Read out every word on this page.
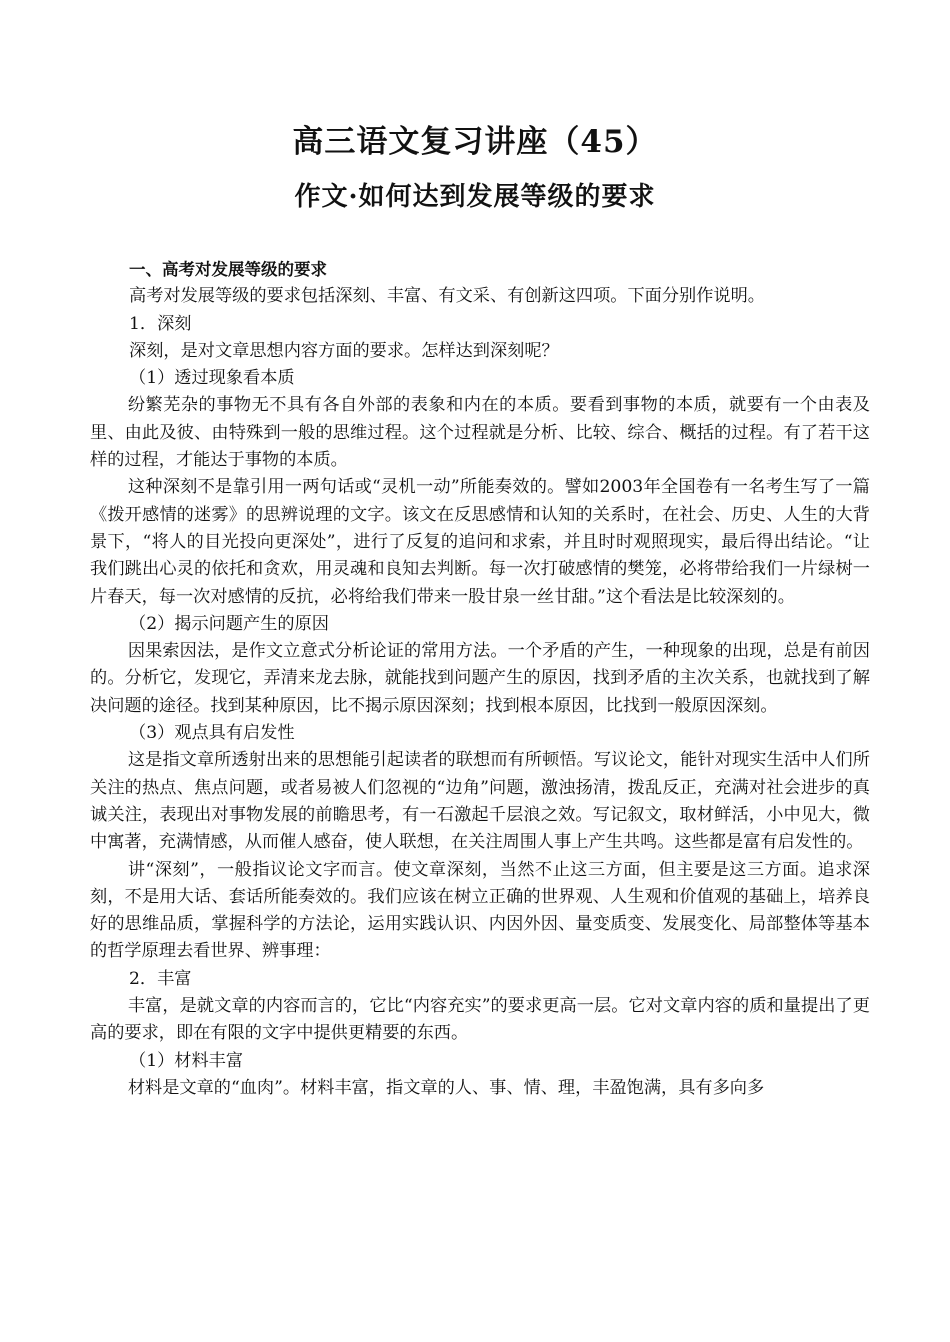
高三语文复习讲座（45）
作文·如何达到发展等级的要求

一、高考对发展等级的要求

高考对发展等级的要求包括深刻、丰富、有文采、有创新这四项。下面分别作说明。

1．深刻

深刻，是对文章思想内容方面的要求。怎样达到深刻呢？

（1）透过现象看本质

纷繁芜杂的事物无不具有各自外部的表象和内在的本质。要看到事物的本质，就要有一个由表及里、由此及彼、由特殊到一般的思维过程。这个过程就是分析、比较、综合、概括的过程。有了若干这样的过程，才能达于事物的本质。

这种深刻不是靠引用一两句话或“灵机一动”所能奏效的。譬如2003年全国卷有一名考生写了一篇《拨开感情的迷雾》的思辨说理的文字。该文在反思感情和认知的关系时，在社会、历史、人生的大背景下，“将人的目光投向更深处”，进行了反复的追问和求索，并且时时观照现实，最后得出结论。“让我们跳出心灵的依托和贪欢，用灵魂和良知去判断。每一次打破感情的樊笼，必将带给我们一片绿树一片春天，每一次对感情的反抗，必将给我们带来一股甘泉一丝甘甜。”这个看法是比较深刻的。

（2）揭示问题产生的原因

因果索因法，是作文立意式分析论证的常用方法。一个矛盾的产生，一种现象的出现，总是有前因的。分析它，发现它，弄清来龙去脉，就能找到问题产生的原因，找到矛盾的主次关系，也就找到了解决问题的途径。找到某种原因，比不揭示原因深刻；找到根本原因，比找到一般原因深刻。

（3）观点具有启发性

这是指文章所透射出来的思想能引起读者的联想而有所顿悟。写议论文，能针对现实生活中人们所关注的热点、焦点问题，或者易被人们忽视的“边角”问题，激浊扬清，拨乱反正，充满对社会进步的真诚关注，表现出对事物发展的前瞻思考，有一石激起千层浪之效。写记叙文，取材鲜活，小中见大，微中寓著，充满情感，从而催人感奋，使人联想，在关注周围人事上产生共鸣。这些都是富有启发性的。

讲“深刻”，一般指议论文字而言。使文章深刻，当然不止这三方面，但主要是这三方面。追求深刻，不是用大话、套话所能奏效的。我们应该在树立正确的世界观、人生观和价值观的基础上，培养良好的思维品质，掌握科学的方法论，运用实践认识、内因外因、量变质变、发展变化、局部整体等基本的哲学原理去看世界、辨事理：

2．丰富

丰富，是就文章的内容而言的，它比“内容充实”的要求更高一层。它对文章内容的质和量提出了更高的要求，即在有限的文字中提供更精要的东西。

（1）材料丰富

材料是文章的“血肉”。材料丰富，指文章的人、事、情、理，丰盈饱满，具有多向多
